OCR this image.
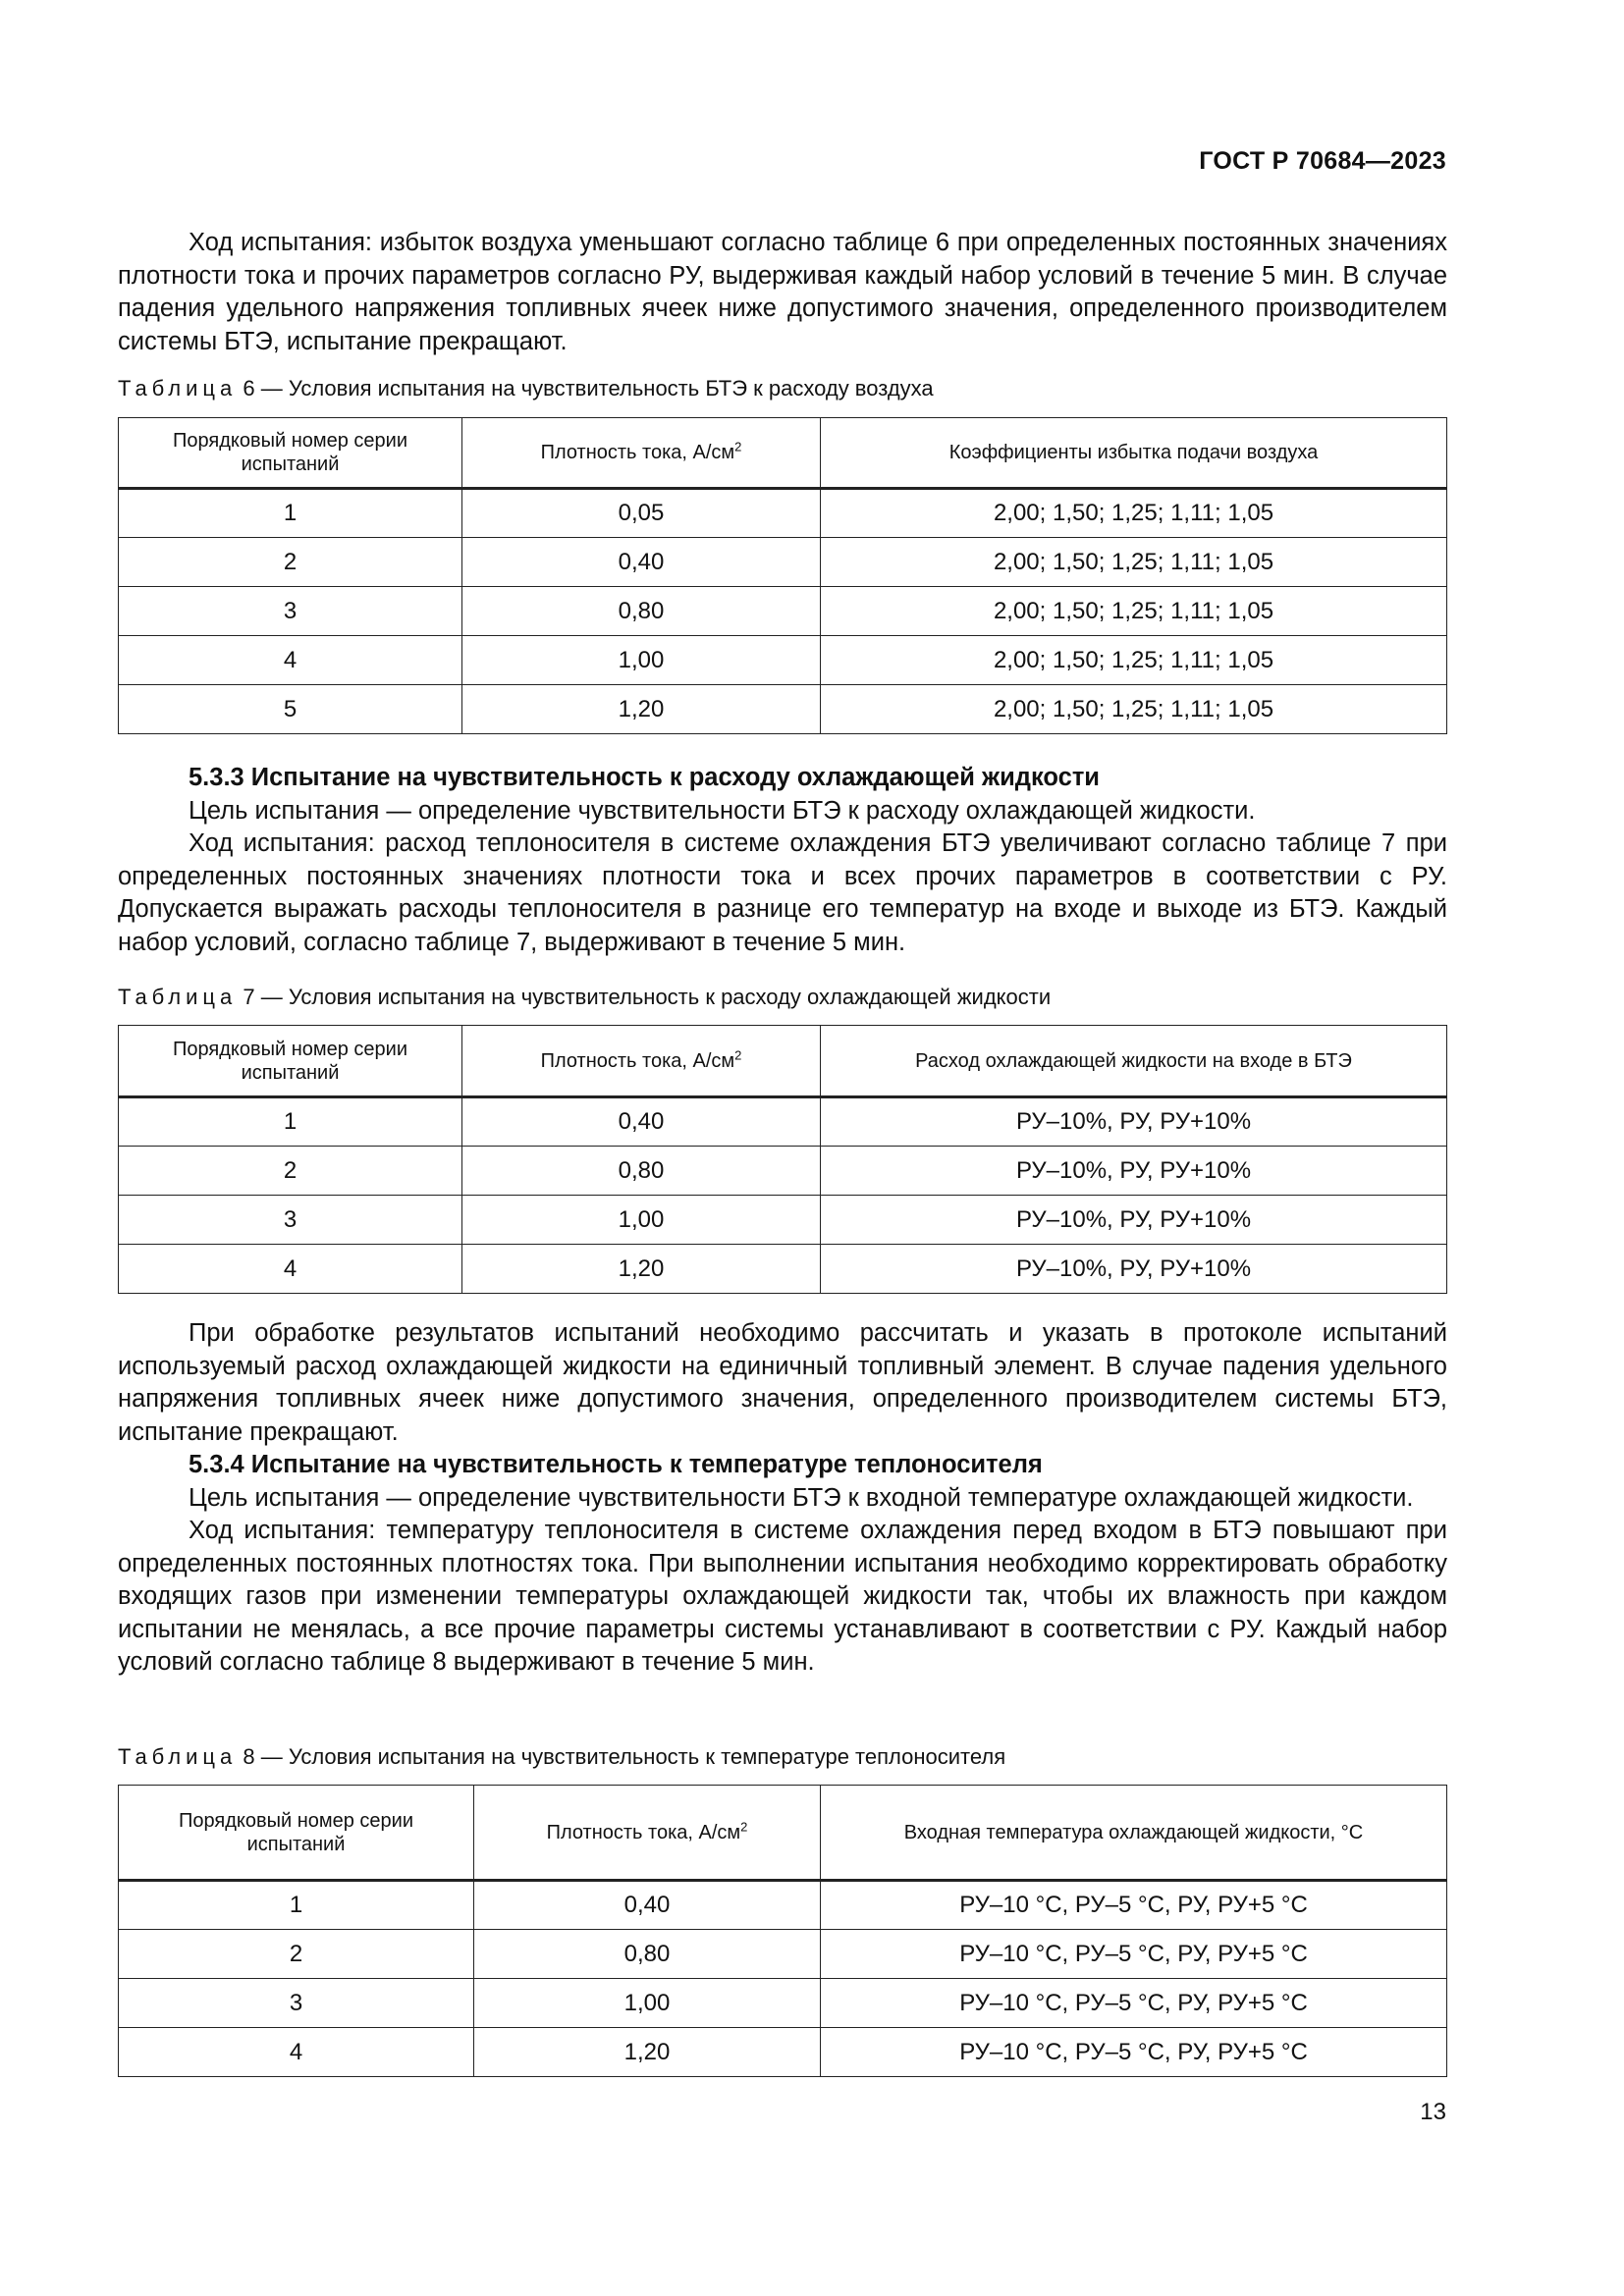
ГОСТ Р 70684—2023

Ход испытания: избыток воздуха уменьшают согласно таблице 6 при определенных постоянных значениях плотности тока и прочих параметров согласно РУ, выдерживая каждый набор условий в течение 5 мин. В случае падения удельного напряжения топливных ячеек ниже допустимого значения, определенного производителем системы БТЭ, испытание прекращают.

Таблица 6 — Условия испытания на чувствительность БТЭ к расходу воздуха
Порядковый номер серии испытаний	Плотность тока, $А/см^2$	Коэффициенты избытка подачи воздуха
1	0,05	2,00; 1,50; 1,25; 1,11; 1,05
2	0,40	2,00; 1,50; 1,25; 1,11; 1,05
3	0,80	2,00; 1,50; 1,25; 1,11; 1,05
4	1,00	2,00; 1,50; 1,25; 1,11; 1,05
5	1,20	2,00; 1,50; 1,25; 1,11; 1,05

5.3.3 Испытание на чувствительность к расходу охлаждающей жидкости

Цель испытания — определение чувствительности БТЭ к расходу охлаждающей жидкости.

Ход испытания: расход теплоносителя в системе охлаждения БТЭ увеличивают согласно таблице 7 при определенных постоянных значениях плотности тока и всех прочих параметров в соответствии с РУ. Допускается выражать расходы теплоносителя в разнице его температур на входе и выходе из БТЭ. Каждый набор условий, согласно таблице 7, выдерживают в течение 5 мин.

Таблица 7 — Условия испытания на чувствительность к расходу охлаждающей жидкости
Порядковый номер серии испытаний	Плотность тока, $А/см^2$	Расход охлаждающей жидкости на входе в БТЭ
1	0,40	РУ–10%, РУ, РУ+10%
2	0,80	РУ–10%, РУ, РУ+10%
3	1,00	РУ–10%, РУ, РУ+10%
4	1,20	РУ–10%, РУ, РУ+10%

При обработке результатов испытаний необходимо рассчитать и указать в протоколе испытаний используемый расход охлаждающей жидкости на единичный топливный элемент. В случае падения удельного напряжения топливных ячеек ниже допустимого значения, определенного производителем системы БТЭ, испытание прекращают.

5.3.4 Испытание на чувствительность к температуре теплоносителя

Цель испытания — определение чувствительности БТЭ к входной температуре охлаждающей жидкости.

Ход испытания: температуру теплоносителя в системе охлаждения перед входом в БТЭ повышают при определенных постоянных плотностях тока. При выполнении испытания необходимо корректировать обработку входящих газов при изменении температуры охлаждающей жидкости так, чтобы их влажность при каждом испытании не менялась, а все прочие параметры системы устанавливают в соответствии с РУ. Каждый набор условий согласно таблице 8 выдерживают в течение 5 мин.

Таблица 8 — Условия испытания на чувствительность к температуре теплоносителя
Порядковый номер серии испытаний	Плотность тока, $А/см^2$	Входная температура охлаждающей жидкости, °С
1	0,40	РУ–10 °С, РУ–5 °С, РУ, РУ+5 °С
2	0,80	РУ–10 °С, РУ–5 °С, РУ, РУ+5 °С
3	1,00	РУ–10 °С, РУ–5 °С, РУ, РУ+5 °С
4	1,20	РУ–10 °С, РУ–5 °С, РУ, РУ+5 °С
13
